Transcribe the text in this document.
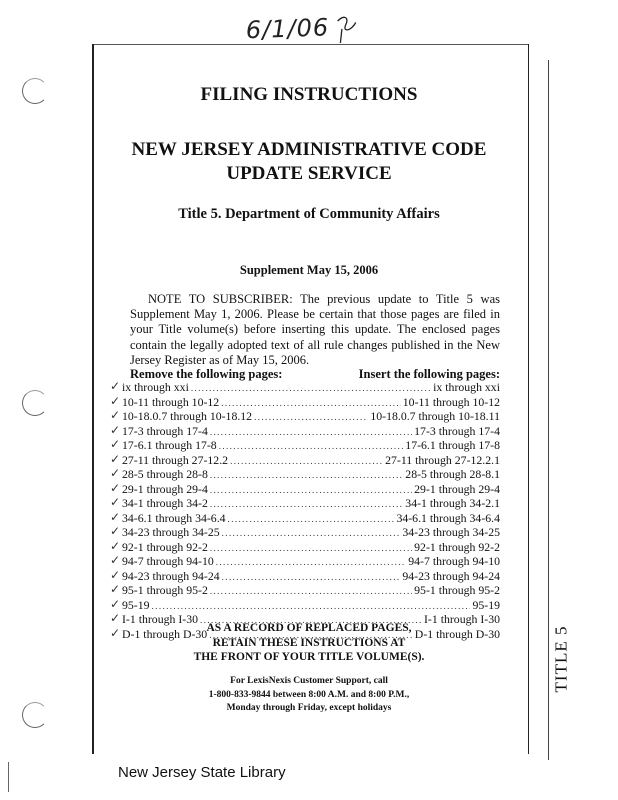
6/1/06
FILING INSTRUCTIONS
NEW JERSEY ADMINISTRATIVE CODE
UPDATE SERVICE
Title 5. Department of Community Affairs
Supplement May 15, 2006
NOTE TO SUBSCRIBER: The previous update to Title 5 was Supplement May 1, 2006. Please be certain that those pages are filed in your Title volume(s) before inserting this update. The enclosed pages contain the legally adopted text of all rule changes published in the New Jersey Register as of May 15, 2006.
Remove the following pages:	Insert the following pages:
✓ ix through xxi .....	ix through xxi
✓ 10-11 through 10-12 .....	10-11 through 10-12
✓ 10-18.0.7 through 10-18.12 .....	10-18.0.7 through 10-18.11
✓ 17-3 through 17-4 .....	17-3 through 17-4
✓ 17-6.1 through 17-8 .....	17-6.1 through 17-8
✓ 27-11 through 27-12.2 .....	27-11 through 27-12.2.1
✓ 28-5 through 28-8 .....	28-5 through 28-8.1
✓ 29-1 through 29-4 .....	29-1 through 29-4
✓ 34-1 through 34-2 .....	34-1 through 34-2.1
✓ 34-6.1 through 34-6.4 .....	34-6.1 through 34-6.4
✓ 34-23 through 34-25 .....	34-23 through 34-25
✓ 92-1 through 92-2 .....	92-1 through 92-2
✓ 94-7 through 94-10 .....	94-7 through 94-10
✓ 94-23 through 94-24 .....	94-23 through 94-24
✓ 95-1 through 95-2 .....	95-1 through 95-2
✓ 95-19 .....	95-19
✓ I-1 through I-30 .....	I-1 through I-30
✓ D-1 through D-30 .....	D-1 through D-30
AS A RECORD OF REPLACED PAGES,
RETAIN THESE INSTRUCTIONS AT
THE FRONT OF YOUR TITLE VOLUME(S).
For LexisNexis Customer Support, call
1-800-833-9844 between 8:00 A.M. and 8:00 P.M.,
Monday through Friday, except holidays
TITLE 5
New Jersey State Library
